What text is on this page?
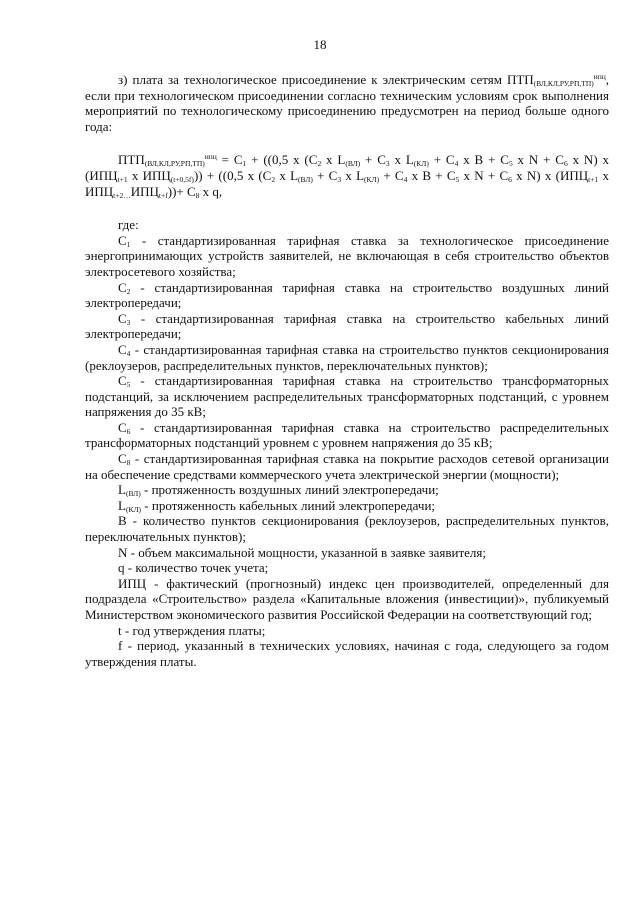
18

з) плата за технологическое присоединение к электрическим сетям $ПТП_{(ВЛ,КЛ,РУ,РП,ТП)}^{ипц}$, если при технологическом присоединении согласно техническим условиям срок выполнения мероприятий по технологическому присоединению предусмотрен на период больше одного года:

$ПТП_{(ВЛ,КЛ,РУ,РП,ТП)}^{ипц} = C_1 + ((0,5$ x ($C_2$ x $L_{(ВЛ)} + C_3$ x $L_{(КЛ)} + C_4$ x $B + C_5$ x $N + C_6$ x N) x ($ИПЦ_{t+1}$ x $ИПЦ_{(t+0,5f)})) + ((0,5$ x ($C_2$ x $L_{(ВЛ)} + C_3$ x $L_{(КЛ)} + C_4$ x $B + C_5$ x $N + C_6$ x N) x ($ИПЦ_{t+1}$ x $ИПЦ_{t+2\dots}ИПЦ_{t+f}))+ C_8$ x q,

где:

$С_1$ - стандартизированная тарифная ставка за технологическое присоединение энергопринимающих устройств заявителей, не включающая в себя строительство объектов электросетевого хозяйства;

$С_2$ - стандартизированная тарифная ставка на строительство воздушных линий электропередачи;

$С_3$ - стандартизированная тарифная ставка на строительство кабельных линий электропередачи;

$С_4$ - стандартизированная тарифная ставка на строительство пунктов секционирования (реклоузеров, распределительных пунктов, переключательных пунктов);

$С_5$ - стандартизированная тарифная ставка на строительство трансформаторных подстанций, за исключением распределительных трансформаторных подстанций, с уровнем напряжения до 35 кВ;

$С_6$ - стандартизированная тарифная ставка на строительство распределительных трансформаторных подстанций уровнем с уровнем напряжения до 35 кВ;

$С_8$ - стандартизированная тарифная ставка на покрытие расходов сетевой организации на обеспечение средствами коммерческого учета электрической энергии (мощности);

$L_{(ВЛ)}$ - протяженность воздушных линий электропередачи;

$L_{(КЛ)}$ - протяженность кабельных линий электропередачи;

В - количество пунктов секционирования (реклоузеров, распределительных пунктов, переключательных пунктов);

N - объем максимальной мощности, указанной в заявке заявителя;

q - количество точек учета;

ИПЦ - фактический (прогнозный) индекс цен производителей, определенный для подраздела «Строительство» раздела «Капитальные вложения (инвестиции)», публикуемый Министерством экономического развития Российской Федерации на соответствующий год;

t - год утверждения платы;

f - период, указанный в технических условиях, начиная с года, следующего за годом утверждения платы.
